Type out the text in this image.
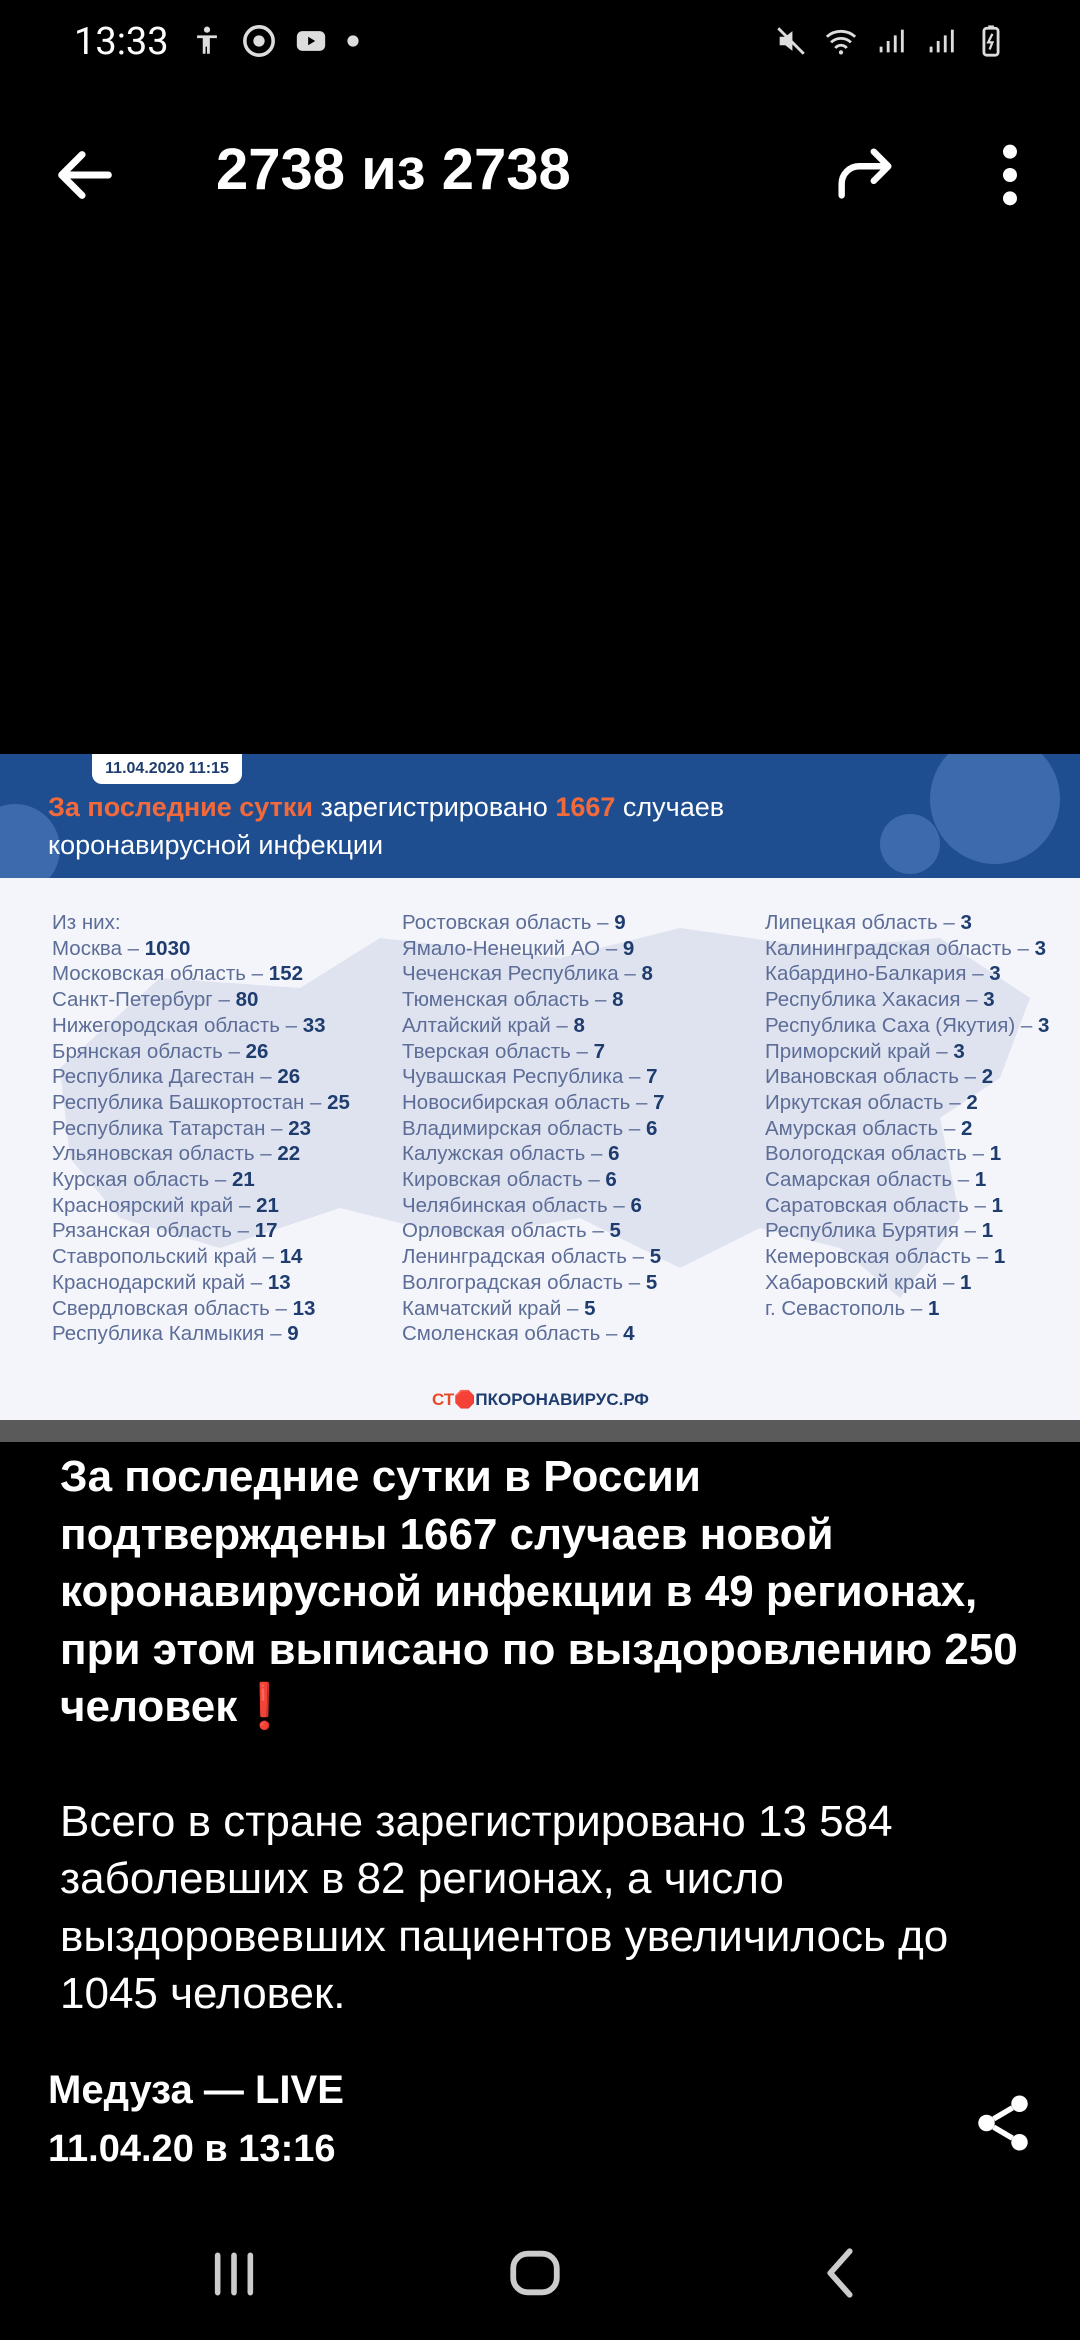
13:33
2738 из 2738
11.04.2020 11:15
За последние сутки зарегистрировано 1667 случаев
коронавирусной инфекции
Из них:
Москва – 1030
Московская область – 152
Санкт-Петербург – 80
Нижегородская область – 33
Брянская область – 26
Республика Дагестан – 26
Республика Башкортостан – 25
Республика Татарстан – 23
Ульяновская область – 22
Курская область – 21
Красноярский край – 21
Рязанская область – 17
Ставропольский край – 14
Краснодарский край – 13
Свердловская область – 13
Республика Калмыкия – 9
Ростовская область – 9
Ямало-Ненецкий АО – 9
Чеченская Республика – 8
Тюменская область – 8
Алтайский край – 8
Тверская область – 7
Чувашская Республика – 7
Новосибирская область – 7
Владимирская область – 6
Калужская область – 6
Кировская область – 6
Челябинская область – 6
Орловская область – 5
Ленинградская область – 5
Волгоградская область – 5
Камчатский край – 5
Смоленская область – 4
Липецкая область – 3
Калининградская область – 3
Кабардино-Балкария – 3
Республика Хакасия – 3
Республика Саха (Якутия) – 3
Приморский край – 3
Ивановская область – 2
Иркутская область – 2
Амурская область – 2
Вологодская область – 1
Самарская область – 1
Саратовская область – 1
Республика Бурятия – 1
Кемеровская область – 1
Хабаровский край – 1
г. Севастополь – 1
СТ🛑ПКОРОНАВИРУС.РФ
За последние сутки в России подтверждены 1667 случаев новой коронавирусной инфекции в 49 регионах, при этом выписано по выздоровлению 250 человек❗
Всего в стране зарегистрировано 13 584 заболевших в 82 регионах, а число выздоровевших пациентов увеличилось до 1045 человек.
Медуза — LIVE
11.04.20 в 13:16
